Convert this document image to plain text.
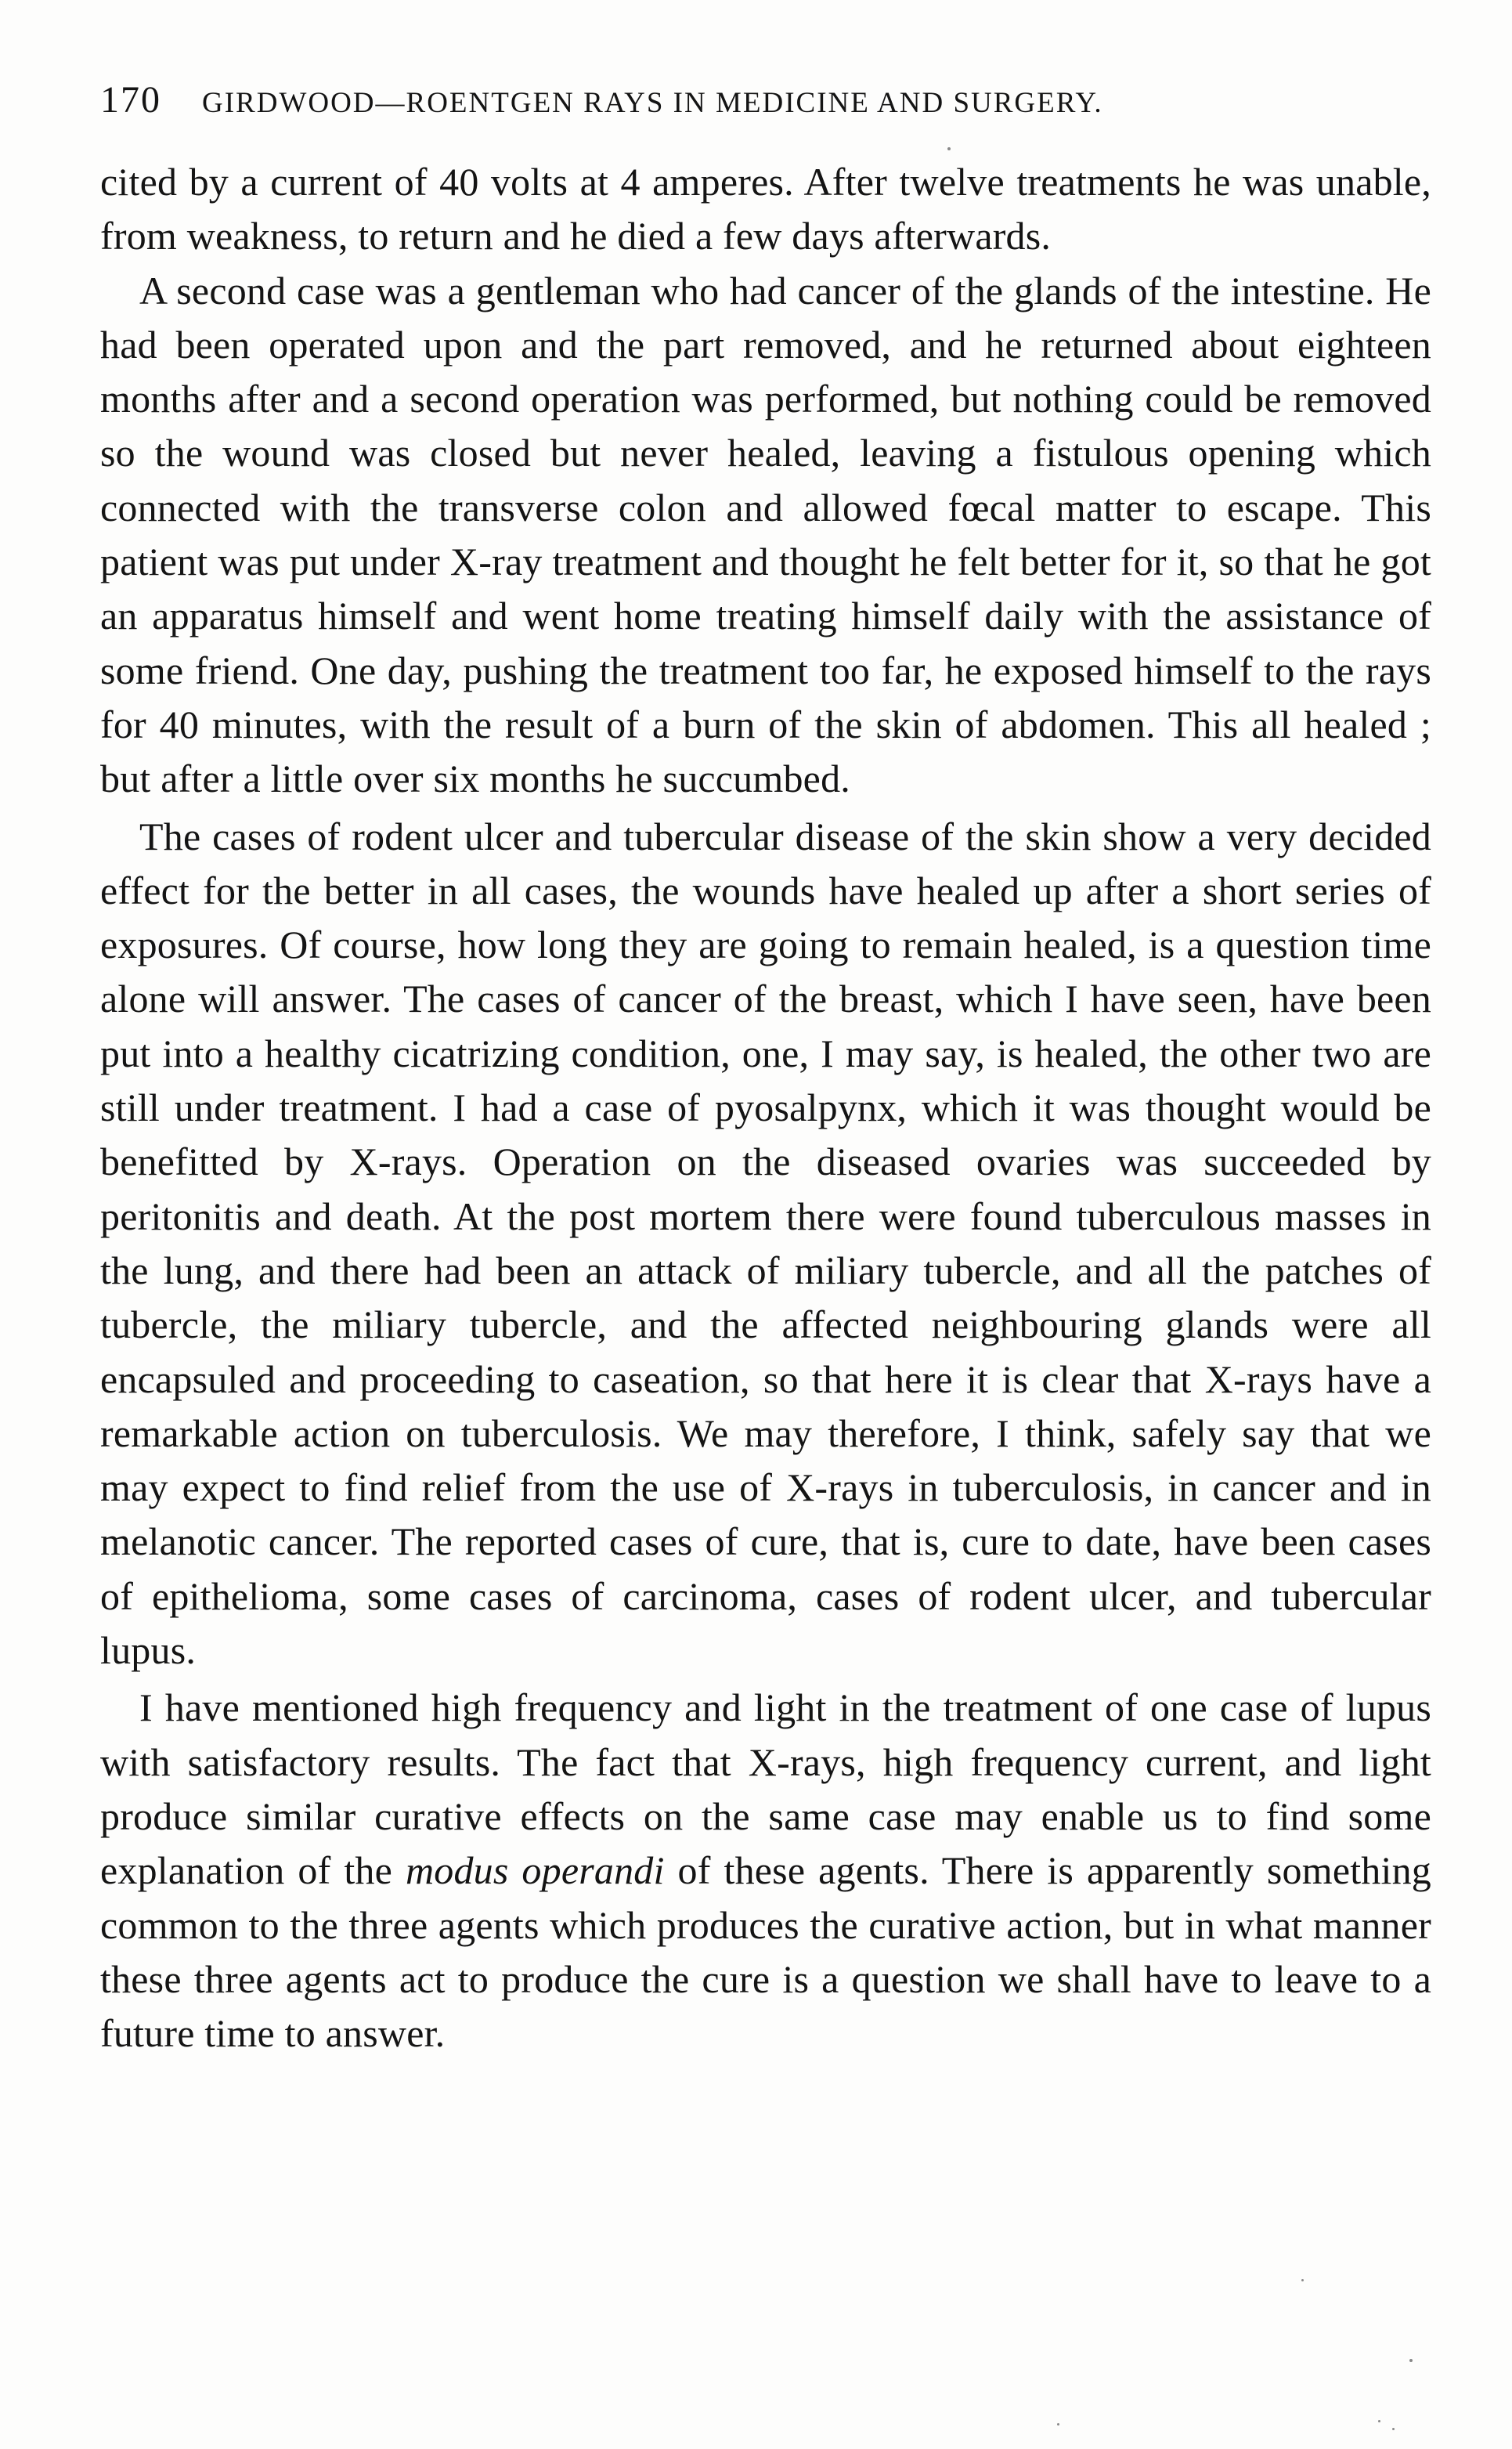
170 GIRDWOOD—ROENTGEN RAYS IN MEDICINE AND SURGERY.

cited by a current of 40 volts at 4 amperes. After twelve treatments he was unable, from weakness, to return and he died a few days afterwards.

A second case was a gentleman who had cancer of the glands of the intestine. He had been operated upon and the part removed, and he returned about eighteen months after and a second operation was performed, but nothing could be removed so the wound was closed but never healed, leaving a fistulous opening which connected with the transverse colon and allowed fœcal matter to escape. This patient was put under X-ray treatment and thought he felt better for it, so that he got an apparatus himself and went home treating himself daily with the assistance of some friend. One day, pushing the treatment too far, he exposed himself to the rays for 40 minutes, with the result of a burn of the skin of abdomen. This all healed ; but after a little over six months he succumbed.

The cases of rodent ulcer and tubercular disease of the skin show a very decided effect for the better in all cases, the wounds have healed up after a short series of exposures. Of course, how long they are going to remain healed, is a question time alone will answer. The cases of cancer of the breast, which I have seen, have been put into a healthy cicatrizing condition, one, I may say, is healed, the other two are still under treatment. I had a case of pyosalpynx, which it was thought would be benefitted by X-rays. Operation on the diseased ovaries was succeeded by peritonitis and death. At the post mortem there were found tuberculous masses in the lung, and there had been an attack of miliary tubercle, and all the patches of tubercle, the miliary tubercle, and the affected neighbouring glands were all encapsuled and proceeding to caseation, so that here it is clear that X-rays have a remarkable action on tuberculosis. We may therefore, I think, safely say that we may expect to find relief from the use of X-rays in tuberculosis, in cancer and in melanotic cancer. The reported cases of cure, that is, cure to date, have been cases of epithelioma, some cases of carcinoma, cases of rodent ulcer, and tubercular lupus.

I have mentioned high frequency and light in the treatment of one case of lupus with satisfactory results. The fact that X-rays, high frequency current, and light produce similar curative effects on the same case may enable us to find some explanation of the modus operandi of these agents. There is apparently something common to the three agents which produces the curative action, but in what manner these three agents act to produce the cure is a question we shall have to leave to a future time to answer.
